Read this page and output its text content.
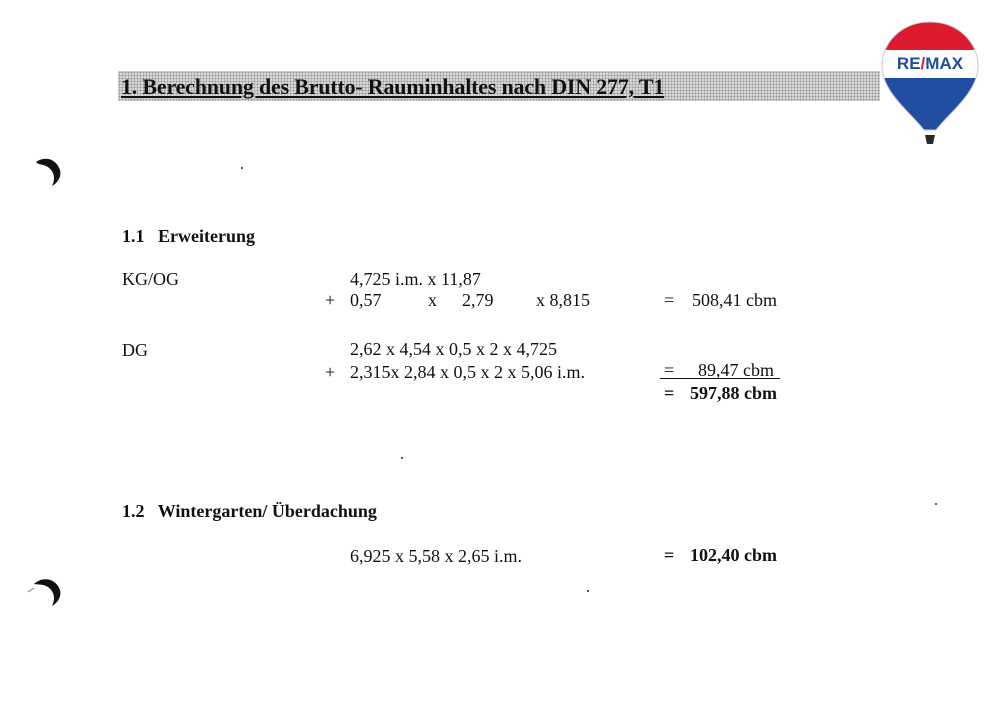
1. Berechnung des Brutto- Rauminhaltes nach DIN 277, T1
RE/MAX
1.1 Erweiterung
KG/OG	4,725 i.m. x 11,87
+ 0,57	x 2,79 x 8,815	= 508,41 cbm
DG	2,62 x 4,54 x 0,5 x 2 x 4,725
+ 2,315x 2,84 x 0,5 x 2 x 5,06 i.m.	= 89,47 cbm
= 597,88 cbm
1.2 Wintergarten/ Überdachung
6,925 x 5,58 x 2,65 i.m.	= 102,40 cbm
